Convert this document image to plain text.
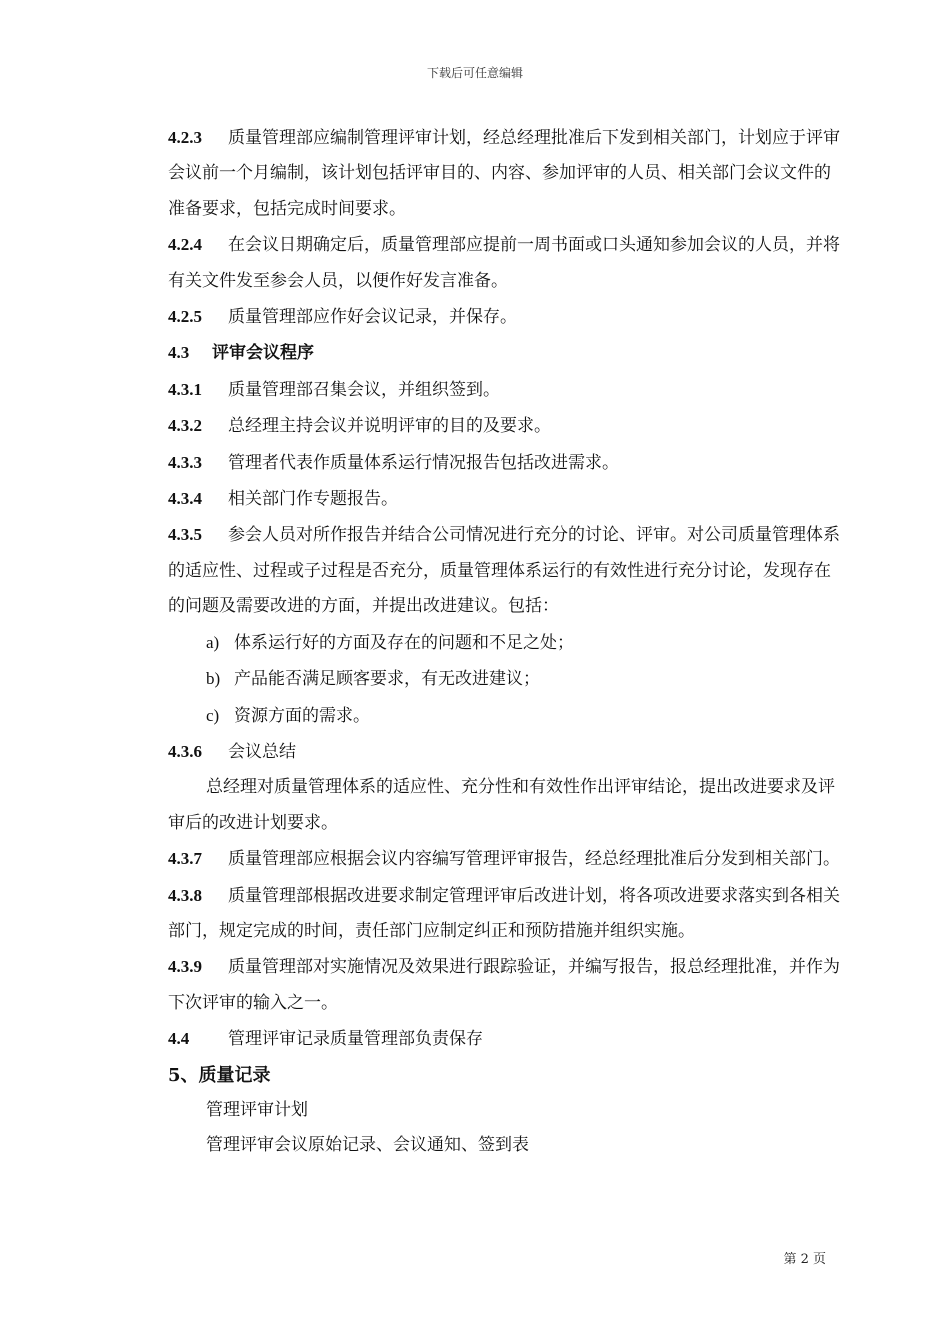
下载后可任意编辑

4.2.3 质量管理部应编制管理评审计划，经总经理批准后下发到相关部门，计划应于评审会议前一个月编制，该计划包括评审目的、内容、参加评审的人员、相关部门会议文件的准备要求，包括完成时间要求。

4.2.4 在会议日期确定后，质量管理部应提前一周书面或口头通知参加会议的人员，并将有关文件发至参会人员，以便作好发言准备。

4.2.5 质量管理部应作好会议记录，并保存。

4.3 评审会议程序

4.3.1 质量管理部召集会议，并组织签到。

4.3.2 总经理主持会议并说明评审的目的及要求。

4.3.3 管理者代表作质量体系运行情况报告包括改进需求。

4.3.4 相关部门作专题报告。

4.3.5 参会人员对所作报告并结合公司情况进行充分的讨论、评审。对公司质量管理体系的适应性、过程或子过程是否充分，质量管理体系运行的有效性进行充分讨论，发现存在的问题及需要改进的方面，并提出改进建议。包括：

a) 体系运行好的方面及存在的问题和不足之处；

b) 产品能否满足顾客要求，有无改进建议；

c) 资源方面的需求。

4.3.6 会议总结

总经理对质量管理体系的适应性、充分性和有效性作出评审结论，提出改进要求及评审后的改进计划要求。

4.3.7 质量管理部应根据会议内容编写管理评审报告，经总经理批准后分发到相关部门。

4.3.8 质量管理部根据改进要求制定管理评审后改进计划，将各项改进要求落实到各相关部门，规定完成的时间，责任部门应制定纠正和预防措施并组织实施。

4.3.9 质量管理部对实施情况及效果进行跟踪验证，并编写报告，报总经理批准，并作为下次评审的输入之一。

4.4 管理评审记录质量管理部负责保存

5、质量记录

管理评审计划

管理评审会议原始记录、会议通知、签到表

第 2 页
